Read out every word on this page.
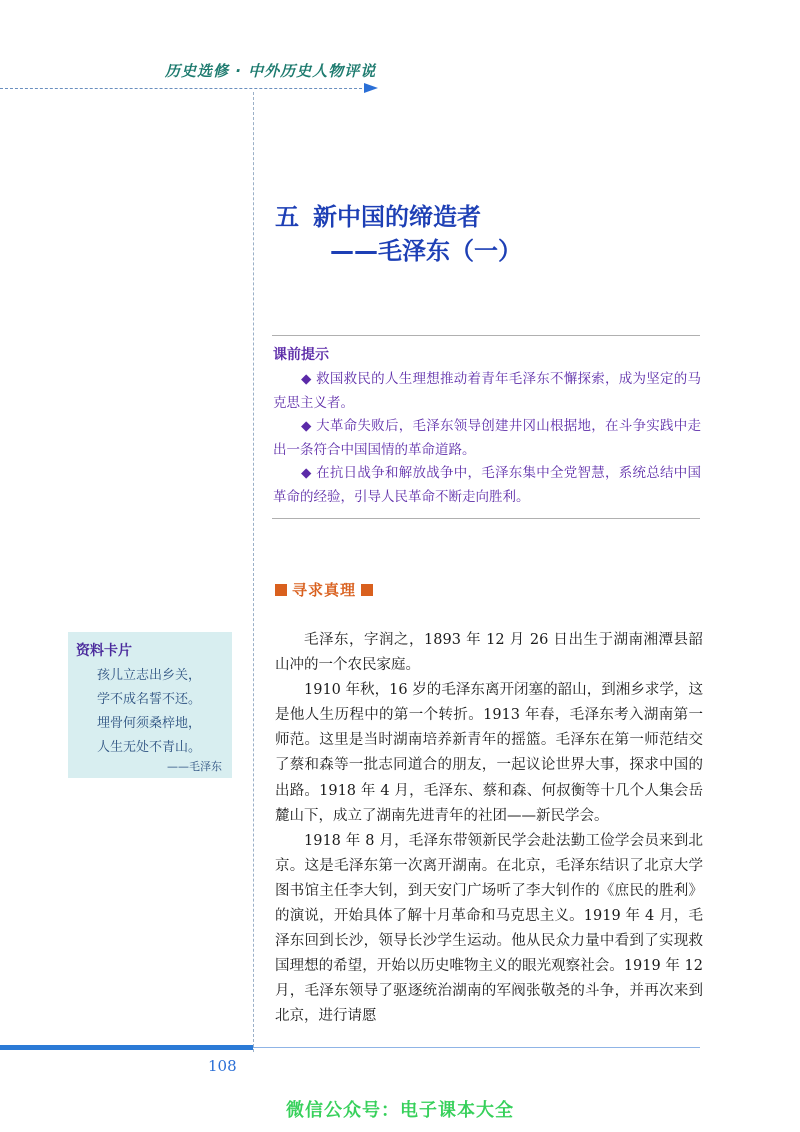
历史选修 · 中外历史人物评说
五 新中国的缔造者
——毛泽东（一）
课前提示

◆ 救国救民的人生理想推动着青年毛泽东不懈探索，成为坚定的马克思主义者。

◆ 大革命失败后，毛泽东领导创建井冈山根据地，在斗争实践中走出一条符合中国国情的革命道路。

◆ 在抗日战争和解放战争中，毛泽东集中全党智慧，系统总结中国革命的经验，引导人民革命不断走向胜利。

寻求真理
资料卡片
孩儿立志出乡关，
学不成名誓不还。
埋骨何须桑梓地，
人生无处不青山。
——毛泽东

毛泽东，字润之，1893 年 12 月 26 日出生于湖南湘潭县韶山冲的一个农民家庭。

1910 年秋，16 岁的毛泽东离开闭塞的韶山，到湘乡求学，这是他人生历程中的第一个转折。1913 年春，毛泽东考入湖南第一师范。这里是当时湖南培养新青年的摇篮。毛泽东在第一师范结交了蔡和森等一批志同道合的朋友，一起议论世界大事，探求中国的出路。1918 年 4 月，毛泽东、蔡和森、何叔衡等十几个人集会岳麓山下，成立了湖南先进青年的社团——新民学会。

1918 年 8 月，毛泽东带领新民学会赴法勤工俭学会员来到北京。这是毛泽东第一次离开湖南。在北京，毛泽东结识了北京大学图书馆主任李大钊，到天安门广场听了李大钊作的《庶民的胜利》的演说，开始具体了解十月革命和马克思主义。1919 年 4 月，毛泽东回到长沙，领导长沙学生运动。他从民众力量中看到了实现救国理想的希望，开始以历史唯物主义的眼光观察社会。1919 年 12 月，毛泽东领导了驱逐统治湖南的军阀张敬尧的斗争，并再次来到北京，进行请愿

108
微信公众号：电子课本大全
